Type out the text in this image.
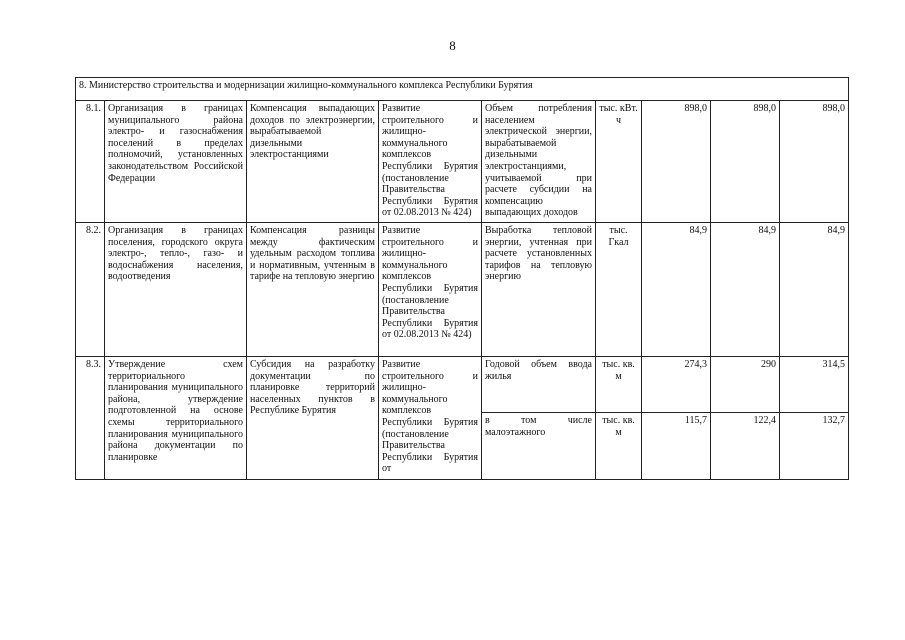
8
8. Министерство строительства и модернизации жилищно-коммунального комплекса Республики Бурятия								
8.1.	Организация в границах муниципального района электро- и газоснабжения поселений в пределах полномочий, установленных законодательством Российской Федерации	Компенсация выпадающих доходов по электроэнергии, вырабатываемой дизельными электростанциями	Развитие строительного и жилищно-коммунального комплексов Республики Бурятия (постановление Правительства Республики Бурятия от 02.08.2013 № 424)	Объем потребления населением электрической энергии, вырабатываемой дизельными электростанциями, учитываемой при расчете субсидии на компенсацию выпадающих доходов	тыс. кВт. ч	898,0	898,0	898,0
8.2.	Организация в границах поселения, городского округа электро-, тепло-, газо- и водоснабжения населения, водоотведения	Компенсация разницы между фактическим удельным расходом топлива и нормативным, учтенным в тарифе на тепловую энергию	Развитие строительного и жилищно-коммунального комплексов Республики Бурятия (постановление Правительства Республики Бурятия от 02.08.2013 № 424)	Выработка тепловой энергии, учтенная при расчете установленных тарифов на тепловую энергию	тыс. Гкал	84,9	84,9	84,9
8.3.	Утверждение схем территориального планирования муниципального района, утверждение подготовленной на основе схемы территориального планирования муниципального района документации по планировке	Субсидия на разработку документации по планировке территорий населенных пунктов в Республике Бурятия	Развитие строительного и жилищно-коммунального комплексов Республики Бурятия (постановление Правительства Республики Бурятия от	Годовой объем ввода жилья	тыс. кв. м	274,3	290	314,5
				в том числе малоэтажного	тыс. кв. м	115,7	122,4	132,7
